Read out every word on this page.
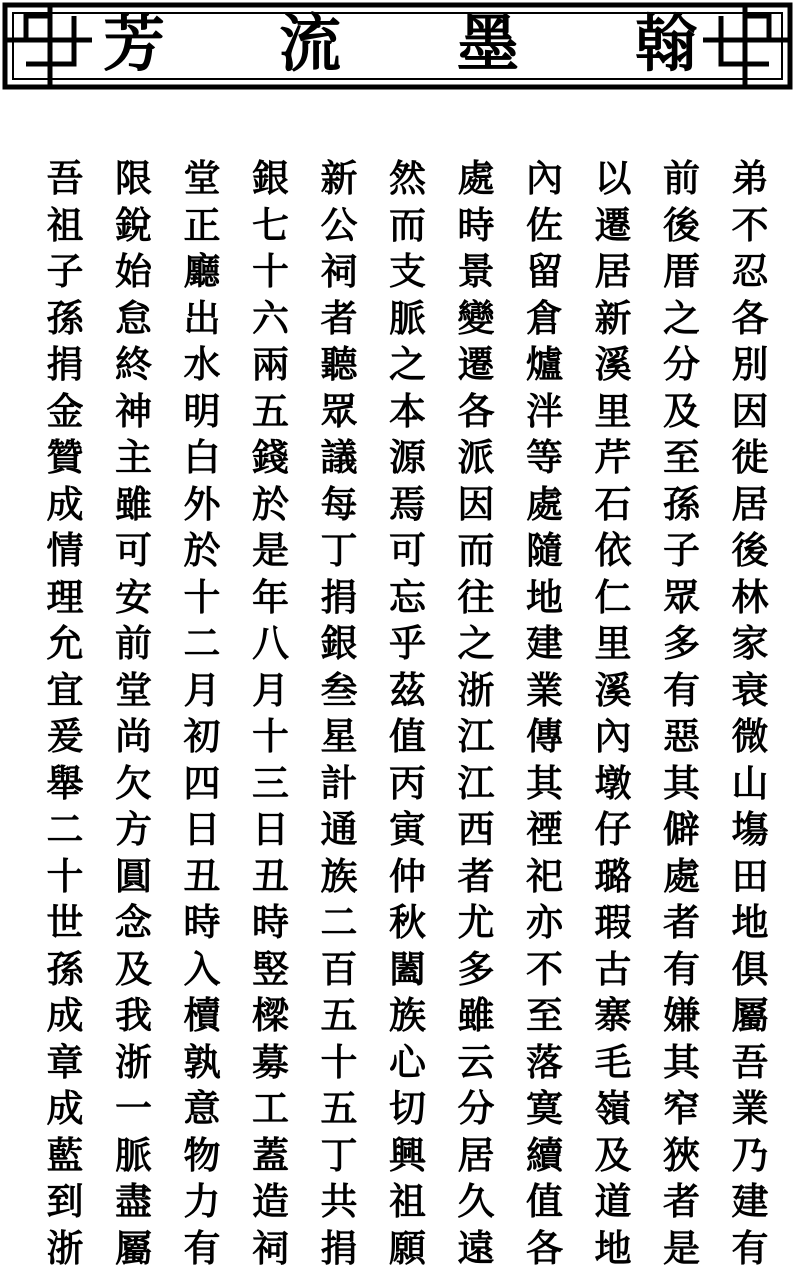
芳 流 墨 翰
弟
不
忍
各
別
因
徙
居
後
林
家
衰
微
山
塲
田
地
俱
屬
吾
業
乃
建
有
前
後
厝
之
分
及
至
孫
子
眾
多
有
惡
其
僻
處
者
有
嫌
其
窄
狹
者
是
以
遷
居
新
溪
里
芹
石
依
仁
里
溪
內
墩
仔
璐
瑕
古
寨
毛
嶺
及
道
地
內
佐
留
倉
爐
泮
等
處
隨
地
建
業
傳
其
禋
祀
亦
不
至
落
寞
續
值
各
處
時
景
變
遷
各
派
因
而
往
之
浙
江
江
西
者
尤
多
雖
云
分
居
久
遠
然
而
支
脈
之
本
源
焉
可
忘
乎
茲
值
丙
寅
仲
秋
闔
族
心
切
興
祖
願
新
公
祠
者
聽
眾
議
每
丁
捐
銀
叁
星
計
通
族
二
百
五
十
五
丁
共
捐
銀
七
十
六
兩
五
錢
於
是
年
八
月
十
三
日
丑
時
竪
樑
募
工
蓋
造
祠
堂
正
廳
出
水
明
白
外
於
十
二
月
初
四
日
丑
時
入
櫝
孰
意
物
力
有
限
銳
始
怠
終
神
主
雖
可
安
前
堂
尚
欠
方
圓
念
及
我
浙
一
脈
盡
屬
吾
祖
子
孫
捐
金
贊
成
情
理
允
宜
爰
舉
二
十
世
孫
成
章
成
藍
到
浙
